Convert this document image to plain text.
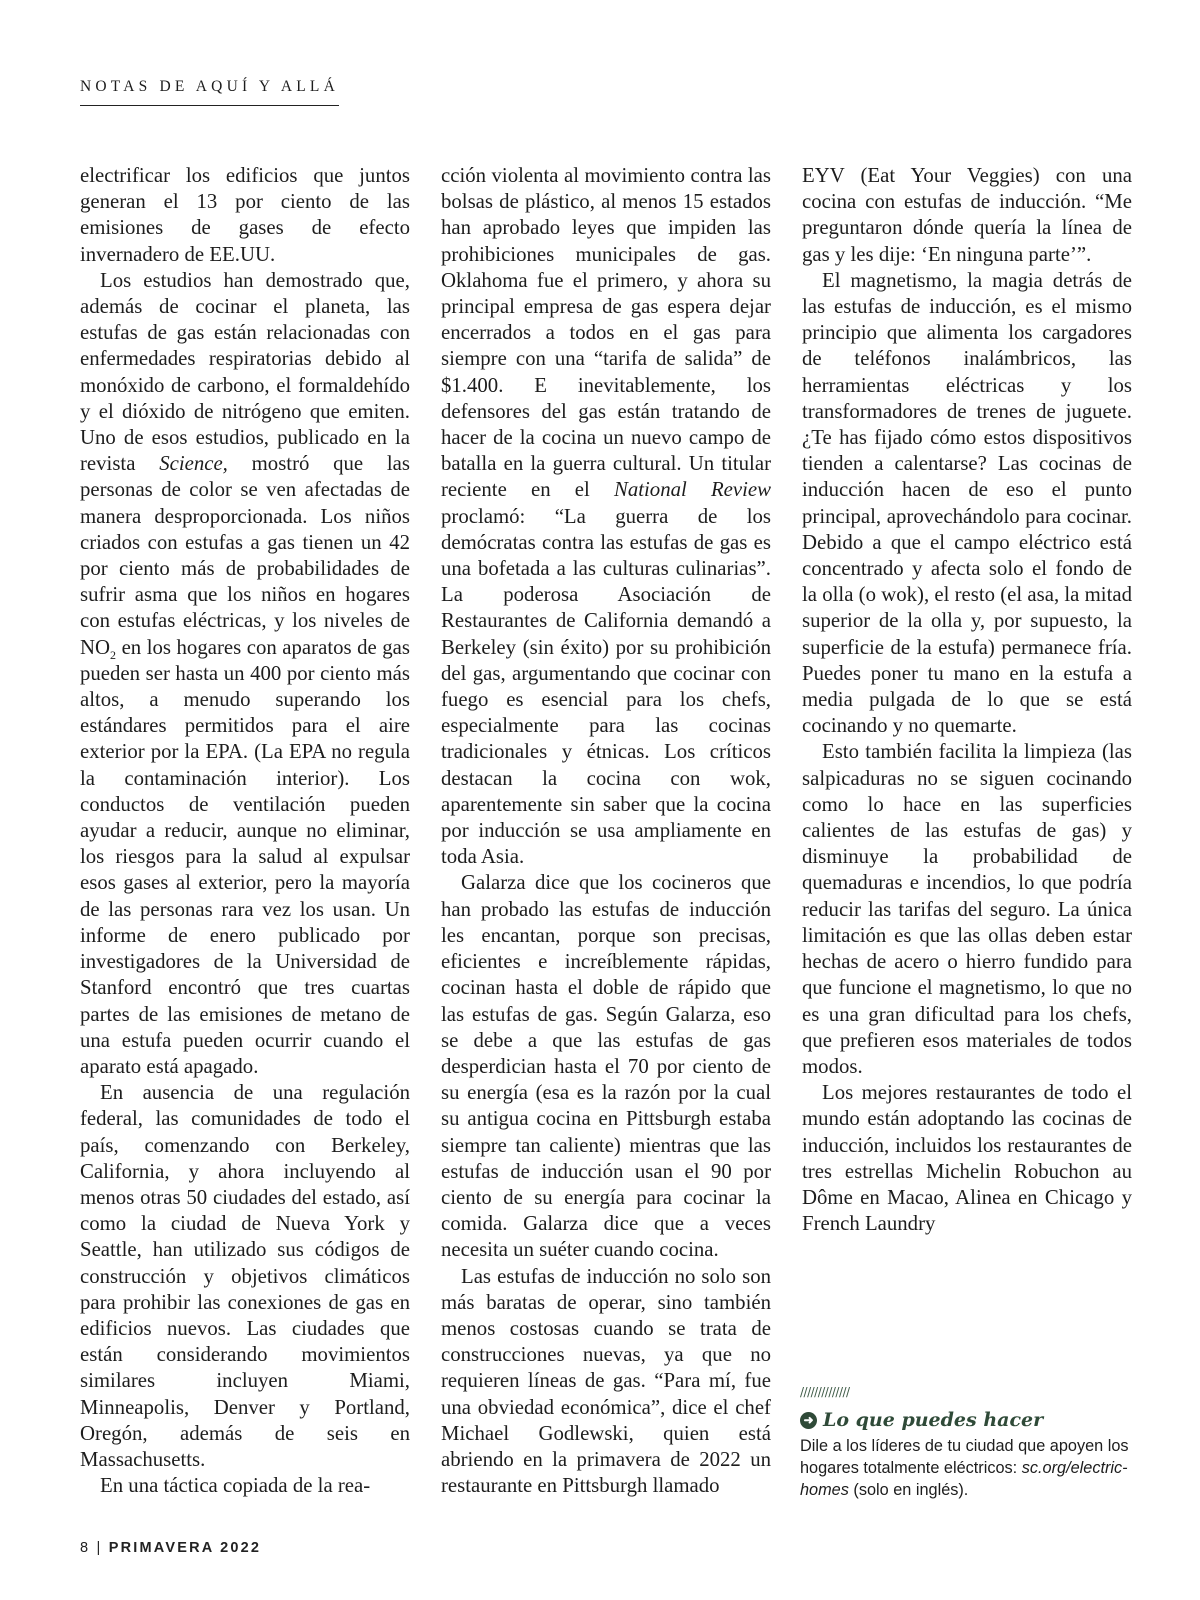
NOTAS DE AQUÍ Y ALLÁ

electrificar los edificios que juntos generan el 13 por ciento de las emisiones de gases de efecto invernadero de EE.UU.

Los estudios han demostrado que, además de cocinar el planeta, las estufas de gas están relacionadas con enfermedades respiratorias debido al monóxido de carbono, el formaldehído y el dióxido de nitrógeno que emiten. Uno de esos estudios, publicado en la revista Science, mostró que las personas de color se ven afectadas de manera desproporcionada. Los niños criados con estufas a gas tienen un 42 por ciento más de probabilidades de sufrir asma que los niños en hogares con estufas eléctricas, y los niveles de $NO_2$ en los hogares con aparatos de gas pueden ser hasta un 400 por ciento más altos, a menudo superando los estándares permitidos para el aire exterior por la EPA. (La EPA no regula la contaminación interior). Los conductos de ventilación pueden ayudar a reducir, aunque no eliminar, los riesgos para la salud al expulsar esos gases al exterior, pero la mayoría de las personas rara vez los usan. Un informe de enero publicado por investigadores de la Universidad de Stanford encontró que tres cuartas partes de las emisiones de metano de una estufa pueden ocurrir cuando el aparato está apagado.

En ausencia de una regulación federal, las comunidades de todo el país, comenzando con Berkeley, California, y ahora incluyendo al menos otras 50 ciudades del estado, así como la ciudad de Nueva York y Seattle, han utilizado sus códigos de construcción y objetivos climáticos para prohibir las conexiones de gas en edificios nuevos. Las ciudades que están considerando movimientos similares incluyen Miami, Minneapolis, Denver y Portland, Oregón, además de seis en Massachusetts.

En una táctica copiada de la rea-

cción violenta al movimiento contra las bolsas de plástico, al menos 15 estados han aprobado leyes que impiden las prohibiciones municipales de gas. Oklahoma fue el primero, y ahora su principal empresa de gas espera dejar encerrados a todos en el gas para siempre con una “tarifa de salida” de $1.400. E inevitablemente, los defensores del gas están tratando de hacer de la cocina un nuevo campo de batalla en la guerra cultural. Un titular reciente en el National Review proclamó: “La guerra de los demócratas contra las estufas de gas es una bofetada a las culturas culinarias”. La poderosa Asociación de Restaurantes de California demandó a Berkeley (sin éxito) por su prohibición del gas, argumentando que cocinar con fuego es esencial para los chefs, especialmente para las cocinas tradicionales y étnicas. Los críticos destacan la cocina con wok, aparentemente sin saber que la cocina por inducción se usa ampliamente en toda Asia.

Galarza dice que los cocineros que han probado las estufas de inducción les encantan, porque son precisas, eficientes e increíblemente rápidas, cocinan hasta el doble de rápido que las estufas de gas. Según Galarza, eso se debe a que las estufas de gas desperdician hasta el 70 por ciento de su energía (esa es la razón por la cual su antigua cocina en Pittsburgh estaba siempre tan caliente) mientras que las estufas de inducción usan el 90 por ciento de su energía para cocinar la comida. Galarza dice que a veces necesita un suéter cuando cocina.

Las estufas de inducción no solo son más baratas de operar, sino también menos costosas cuando se trata de construcciones nuevas, ya que no requieren líneas de gas. “Para mí, fue una obviedad económica”, dice el chef Michael Godlewski, quien está abriendo en la primavera de 2022 un restaurante en Pittsburgh llamado

EYV (Eat Your Veggies) con una cocina con estufas de inducción. “Me preguntaron dónde quería la línea de gas y les dije: ‘En ninguna parte’”.

El magnetismo, la magia detrás de las estufas de inducción, es el mismo principio que alimenta los cargadores de teléfonos inalámbricos, las herramientas eléctricas y los transformadores de trenes de juguete. ¿Te has fijado cómo estos dispositivos tienden a calentarse? Las cocinas de inducción hacen de eso el punto principal, aprovechándolo para cocinar. Debido a que el campo eléctrico está concentrado y afecta solo el fondo de la olla (o wok), el resto (el asa, la mitad superior de la olla y, por supuesto, la superficie de la estufa) permanece fría. Puedes poner tu mano en la estufa a media pulgada de lo que se está cocinando y no quemarte.

Esto también facilita la limpieza (las salpicaduras no se siguen cocinando como lo hace en las superficies calientes de las estufas de gas) y disminuye la probabilidad de quemaduras e incendios, lo que podría reducir las tarifas del seguro. La única limitación es que las ollas deben estar hechas de acero o hierro fundido para que funcione el magnetismo, lo que no es una gran dificultad para los chefs, que prefieren esos materiales de todos modos.

Los mejores restaurantes de todo el mundo están adoptando las cocinas de inducción, incluidos los restaurantes de tres estrellas Michelin Robuchon au Dôme en Macao, Alinea en Chicago y French Laundry

//////////////
➜ Lo que puedes hacer

Dile a los líderes de tu ciudad que apoyen los hogares totalmente eléctricos: sc.org/electric-homes (solo en inglés).

8 | PRIMAVERA 2022
